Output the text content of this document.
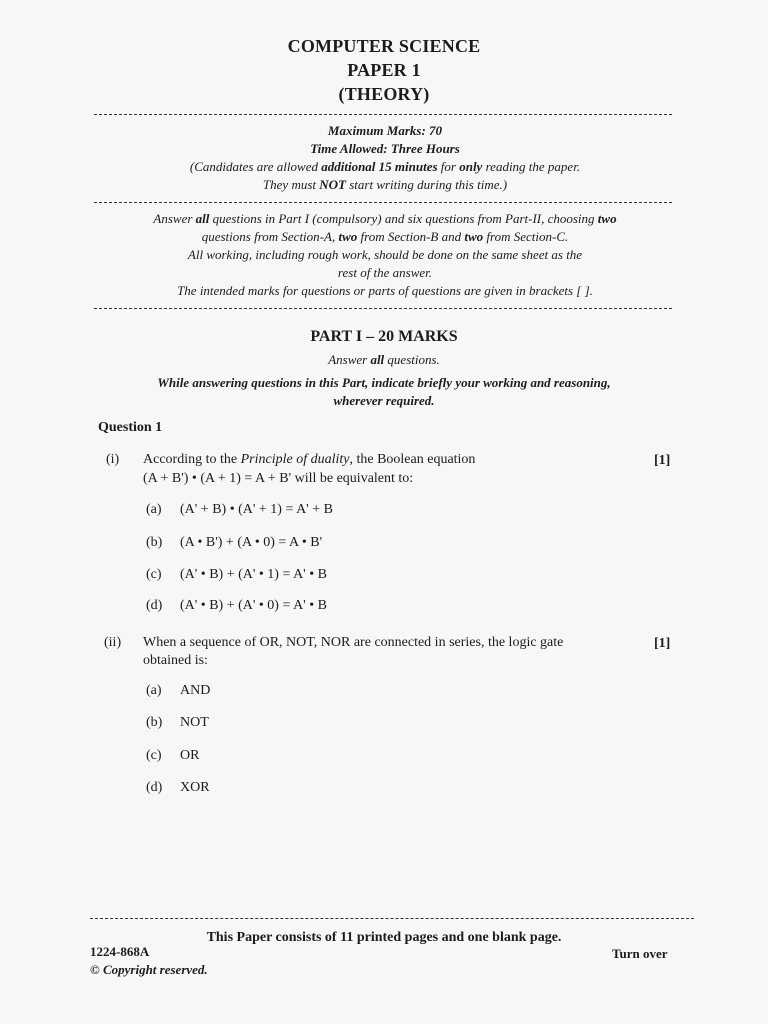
COMPUTER SCIENCE
PAPER 1
(THEORY)
Maximum Marks: 70
Time Allowed: Three Hours
(Candidates are allowed additional 15 minutes for only reading the paper.
They must NOT start writing during this time.)
Answer all questions in Part I (compulsory) and six questions from Part-II, choosing two
questions from Section-A, two from Section-B and two from Section-C.
All working, including rough work, should be done on the same sheet as the
rest of the answer.
The intended marks for questions or parts of questions are given in brackets [ ].
PART I – 20 MARKS
Answer all questions.
While answering questions in this Part, indicate briefly your working and reasoning,
wherever required.
Question 1
(i) According to the Principle of duality, the Boolean equation	[1]
(A + B') • (A + 1) = A + B' will be equivalent to:
(a) (A' + B) • (A' + 1) = A' + B
(b) (A • B') + (A • 0) = A • B'
(c) (A' • B) + (A' • 1) = A' • B
(d) (A' • B) + (A' • 0) = A' • B
(ii) When a sequence of OR, NOT, NOR are connected in series, the logic gate	[1]
obtained is:
(a) AND
(b) NOT
(c) OR
(d) XOR
This Paper consists of 11 printed pages and one blank page.
1224-868A
© Copyright reserved.
Turn over
